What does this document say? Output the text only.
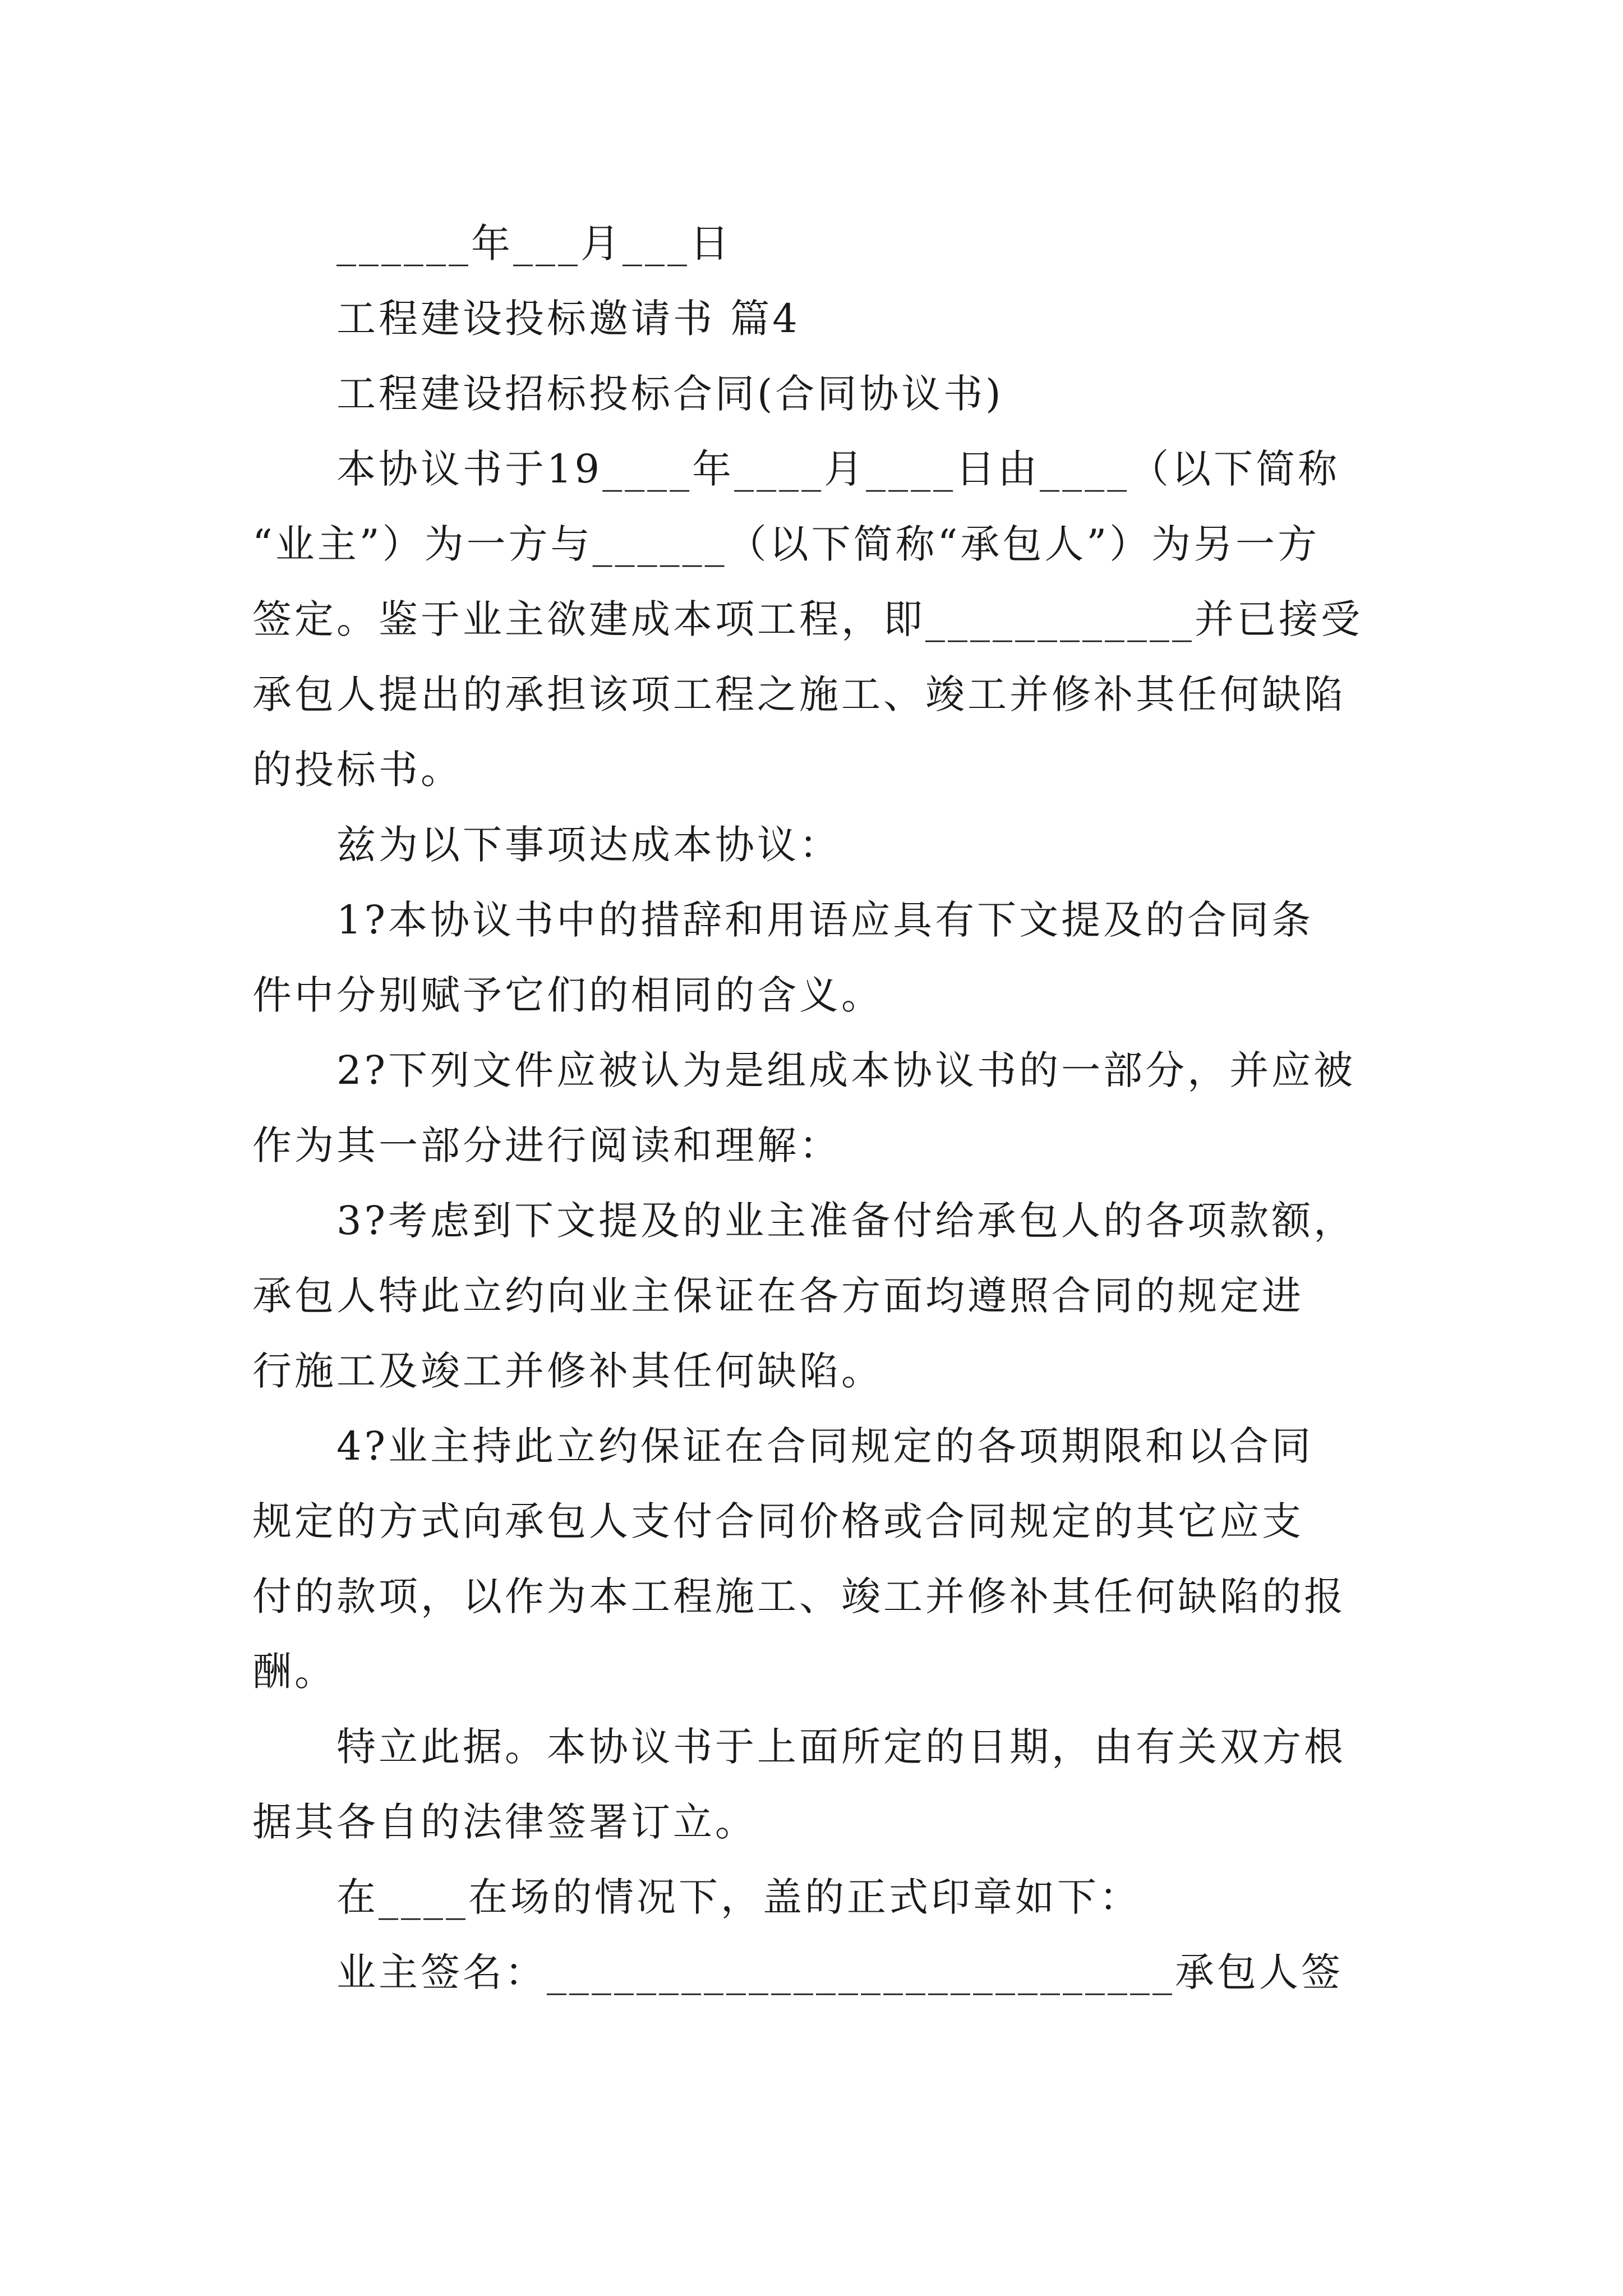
______年___月___日

工程建设投标邀请书 篇4

工程建设招标投标合同(合同协议书)

本协议书于19____年____月____日由____（以下简称

“业主”）为一方与______（以下简称“承包人”）为另一方

签定。鉴于业主欲建成本项工程，即____________并已接受

承包人提出的承担该项工程之施工、竣工并修补其任何缺陷

的投标书。

兹为以下事项达成本协议：

1?本协议书中的措辞和用语应具有下文提及的合同条

件中分别赋予它们的相同的含义。

2?下列文件应被认为是组成本协议书的一部分，并应被

作为其一部分进行阅读和理解：

3?考虑到下文提及的业主准备付给承包人的各项款额，

承包人特此立约向业主保证在各方面均遵照合同的规定进

行施工及竣工并修补其任何缺陷。

4?业主持此立约保证在合同规定的各项期限和以合同

规定的方式向承包人支付合同价格或合同规定的其它应支

付的款项，以作为本工程施工、竣工并修补其任何缺陷的报

酬。

特立此据。本协议书于上面所定的日期，由有关双方根

据其各自的法律签署订立。

在____在场的情况下，盖的正式印章如下：

业主签名：____________________________承包人签
